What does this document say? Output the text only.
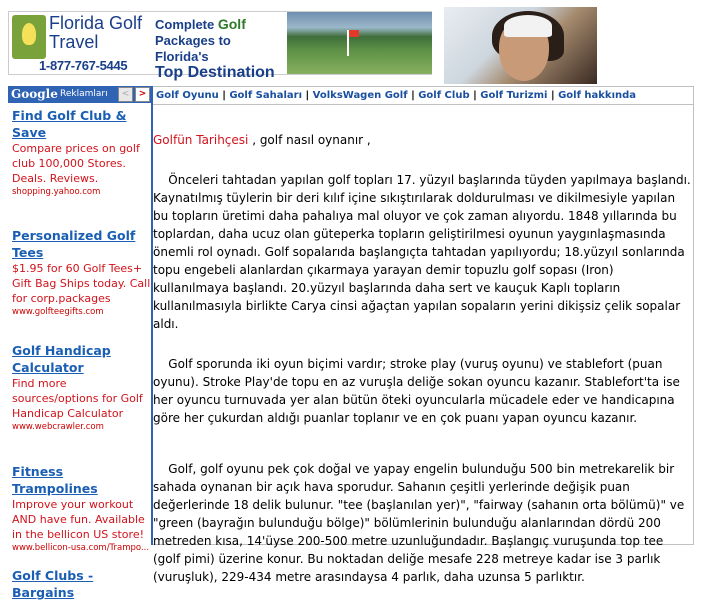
Florida Golf Travel
1-877-767-5445
Complete Golf
Packages to Florida's
Top Destination
Google Reklamları	<	>
Find Golf Club & Save
Compare prices on golf club 100,000 Stores. Deals. Reviews.
shopping.yahoo.com
Personalized Golf Tees
$1.95 for 60 Golf Tees+ Gift Bag Ships today. Call for corp.packages
www.golfteegifts.com
Golf Handicap Calculator
Find more sources/options for Golf Handicap Calculator
www.webcrawler.com
Fitness Trampolines
Improve your workout AND have fun. Available in the bellicon US store!
www.bellicon-usa.com/Trampo...
Golf Clubs - Bargains
Golf Oyunu | Golf Sahaları | VolksWagen Golf | Golf Club | Golf Turizmi | Golf hakkında

Golfün Tarihçesi , golf nasıl oynanır ,

Önceleri tahtadan yapılan golf topları 17. yüzyıl başlarında tüyden yapılmaya başlandı. Kaynatılmış tüylerin bir deri kılıf içine sıkıştırılarak doldurulması ve dikilmesiyle yapılan bu topların üretimi daha pahalıya mal oluyor ve çok zaman alıyordu. 1848 yıllarında bu toplardan, daha ucuz olan güteperka topların geliştirilmesi oyunun yaygınlaşmasında önemli rol oynadı. Golf sopalarıda başlangıçta tahtadan yapılıyordu; 18.yüzyıl sonlarında topu engebeli alanlardan çıkarmaya yarayan demir topuzlu golf sopası (Iron) kullanılmaya başlandı. 20.yüzyıl başlarında daha sert ve kauçuk Kaplı topların kullanılmasıyla birlikte Carya cinsi ağaçtan yapılan sopaların yerini dikişsiz çelik sopalar aldı.

Golf sporunda iki oyun biçimi vardır; stroke play (vuruş oyunu) ve stablefort (puan oyunu). Stroke Play'de topu en az vuruşla deliğe sokan oyuncu kazanır. Stablefort'ta ise her oyuncu turnuvada yer alan bütün öteki oyuncularla mücadele eder ve handicapına göre her çukurdan aldığı puanlar toplanır ve en çok puanı yapan oyuncu kazanır.

Golf, golf oyunu pek çok doğal ve yapay engelin bulunduğu 500 bin metrekarelik bir sahada oynanan bir açık hava sporudur. Sahanın çeşitli yerlerinde değişik puan değerlerinde 18 delik bulunur. "tee (başlanılan yer)", "fairway (sahanın orta bölümü)" ve "green (bayrağın bulunduğu bölge)" bölümlerinin bulunduğu alanlarından dördü 200 metreden kısa, 14'üyse 200-500 metre uzunluğundadır. Başlangıç vuruşunda top tee (golf pimi) üzerine konur. Bu noktadan deliğe mesafe 228 metreye kadar ise 3 parlık (vuruşluk), 229-434 metre arasındaysa 4 parlık, daha uzunsa 5 parlıktır.
